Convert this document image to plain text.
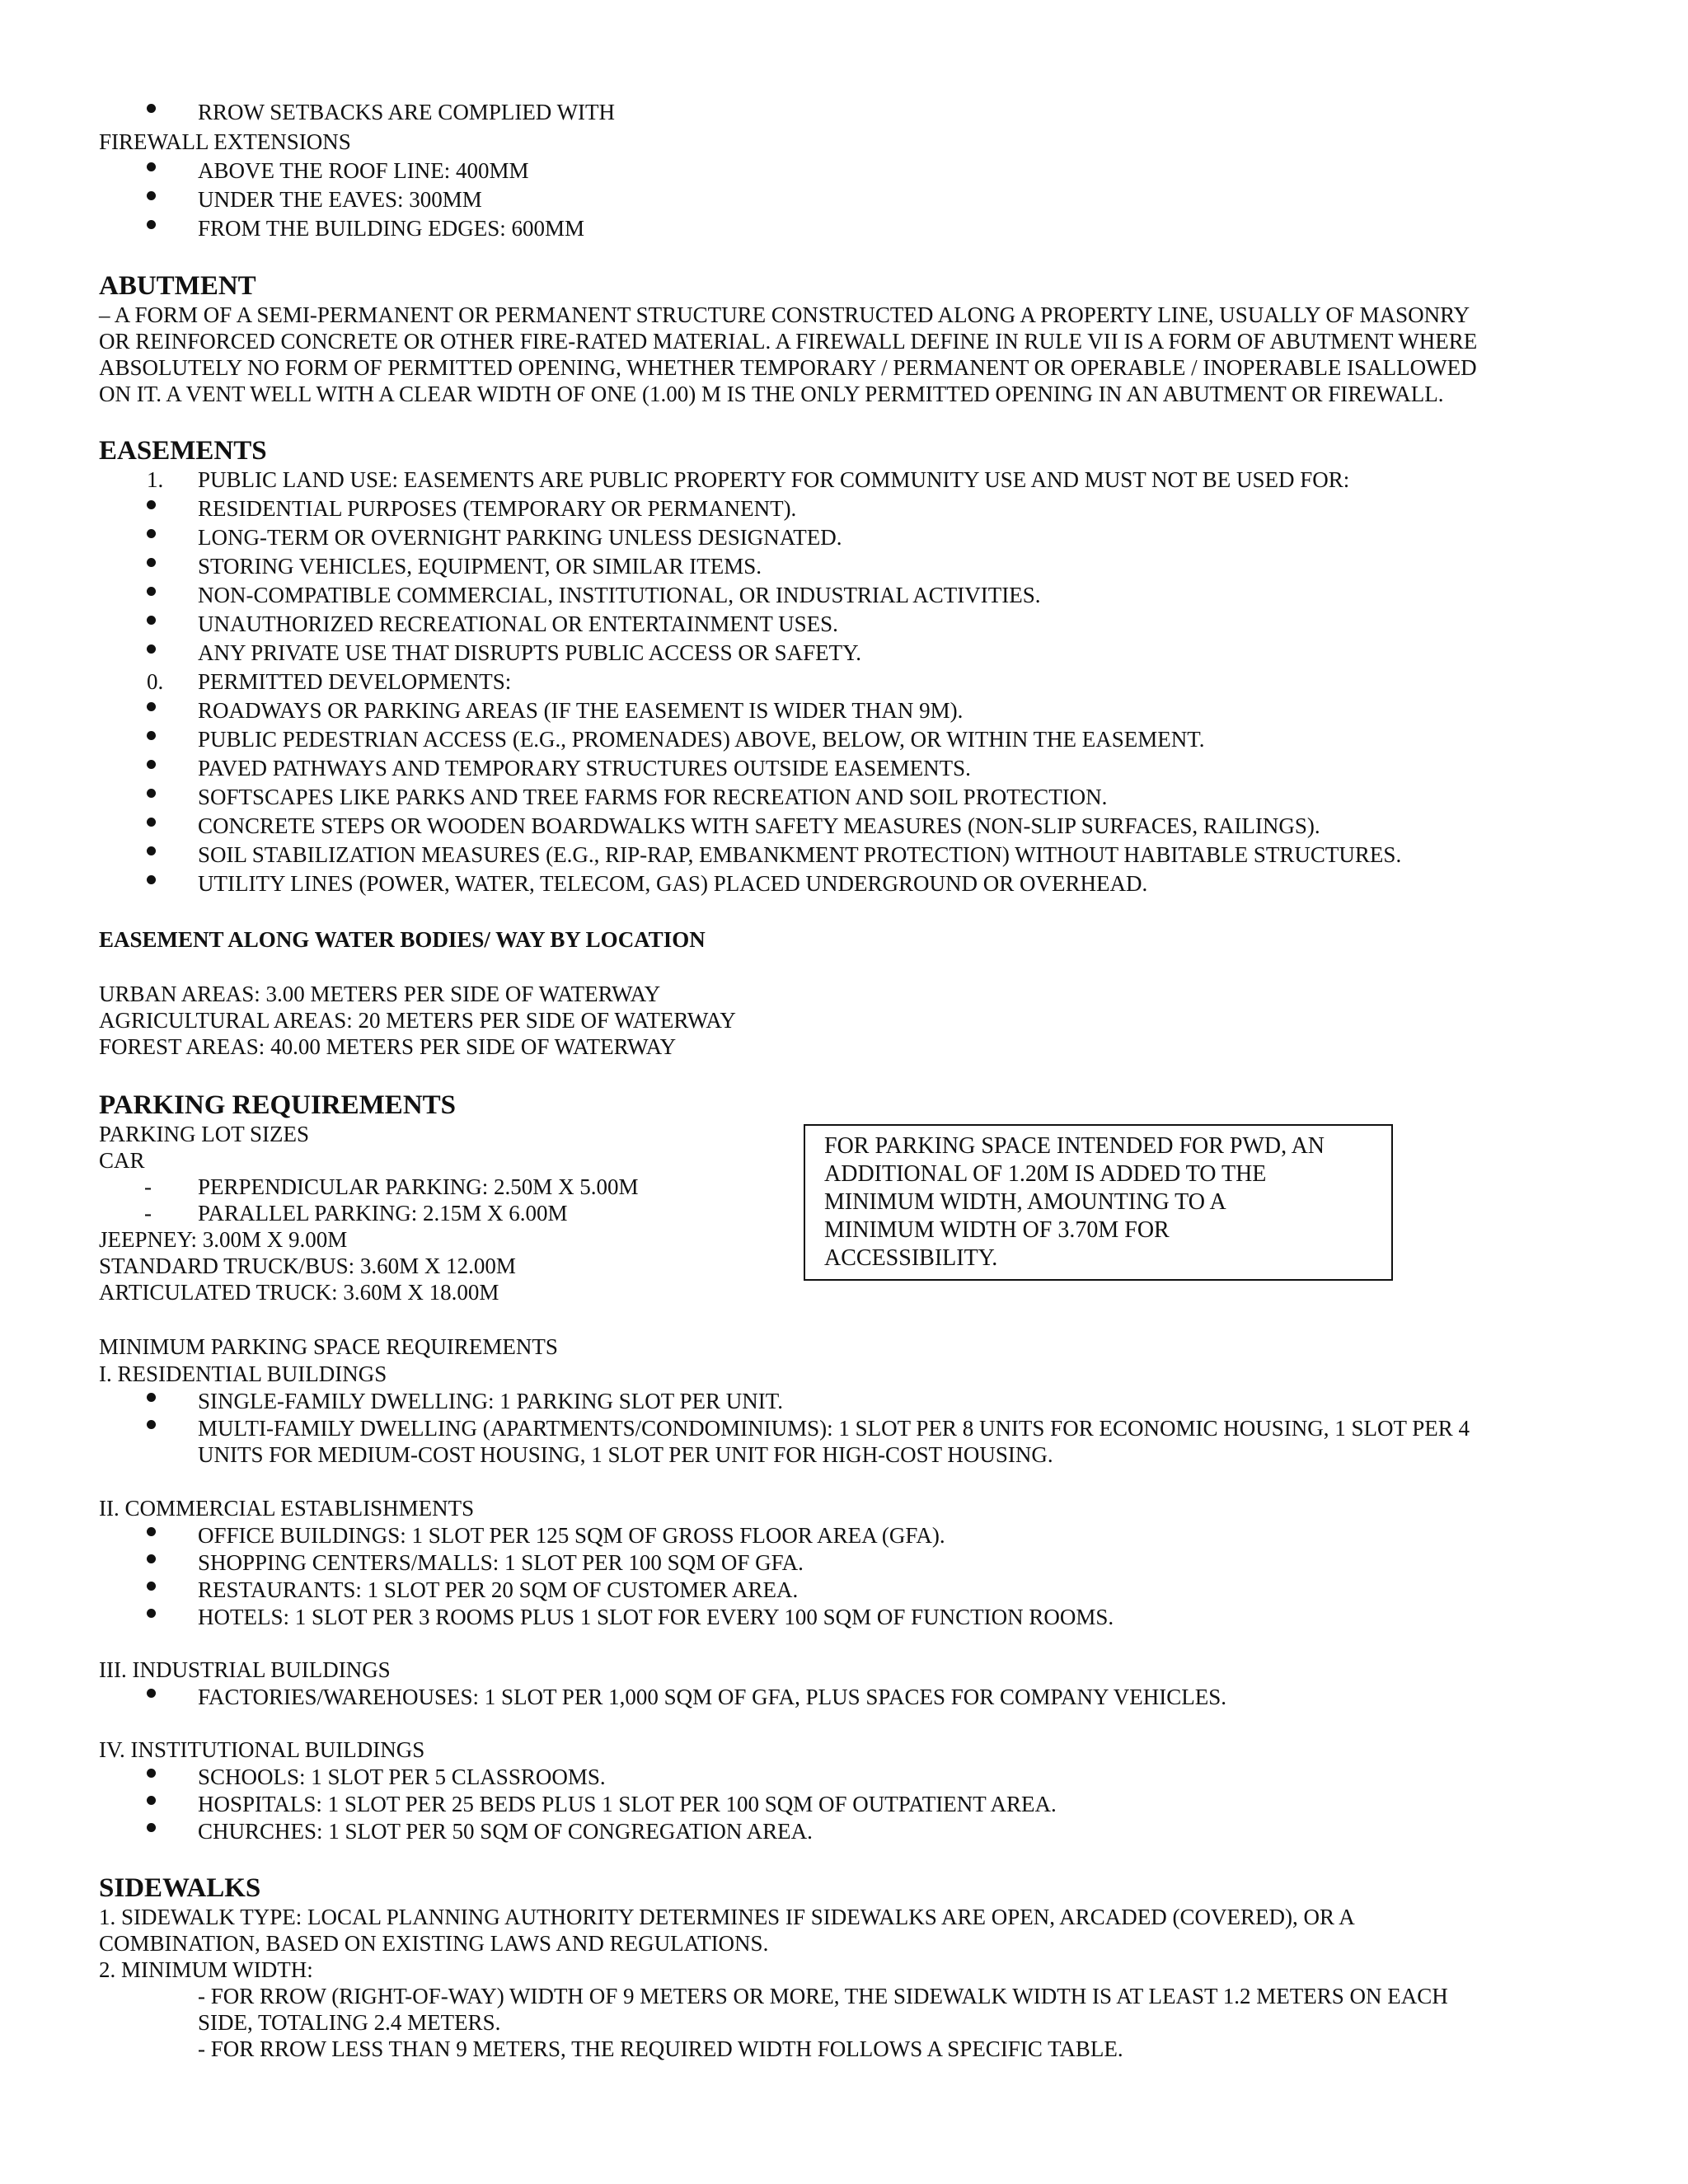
RROW SETBACKS ARE COMPLIED WITH
FIREWALL EXTENSIONS
ABOVE THE ROOF LINE: 400MM
UNDER THE EAVES: 300MM
FROM THE BUILDING EDGES: 600MM
ABUTMENT
– A FORM OF A SEMI-PERMANENT OR PERMANENT STRUCTURE CONSTRUCTED ALONG A PROPERTY LINE, USUALLY OF MASONRY
OR REINFORCED CONCRETE OR OTHER FIRE-RATED MATERIAL. A FIREWALL DEFINE IN RULE VII IS A FORM OF ABUTMENT WHERE
ABSOLUTELY NO FORM OF PERMITTED OPENING, WHETHER TEMPORARY / PERMANENT OR OPERABLE / INOPERABLE ISALLOWED
ON IT. A VENT WELL WITH A CLEAR WIDTH OF ONE (1.00) M IS THE ONLY PERMITTED OPENING IN AN ABUTMENT OR FIREWALL.
EASEMENTS
1. PUBLIC LAND USE: EASEMENTS ARE PUBLIC PROPERTY FOR COMMUNITY USE AND MUST NOT BE USED FOR:
RESIDENTIAL PURPOSES (TEMPORARY OR PERMANENT).
LONG-TERM OR OVERNIGHT PARKING UNLESS DESIGNATED.
STORING VEHICLES, EQUIPMENT, OR SIMILAR ITEMS.
NON-COMPATIBLE COMMERCIAL, INSTITUTIONAL, OR INDUSTRIAL ACTIVITIES.
UNAUTHORIZED RECREATIONAL OR ENTERTAINMENT USES.
ANY PRIVATE USE THAT DISRUPTS PUBLIC ACCESS OR SAFETY.
0. PERMITTED DEVELOPMENTS:
ROADWAYS OR PARKING AREAS (IF THE EASEMENT IS WIDER THAN 9M).
PUBLIC PEDESTRIAN ACCESS (E.G., PROMENADES) ABOVE, BELOW, OR WITHIN THE EASEMENT.
PAVED PATHWAYS AND TEMPORARY STRUCTURES OUTSIDE EASEMENTS.
SOFTSCAPES LIKE PARKS AND TREE FARMS FOR RECREATION AND SOIL PROTECTION.
CONCRETE STEPS OR WOODEN BOARDWALKS WITH SAFETY MEASURES (NON-SLIP SURFACES, RAILINGS).
SOIL STABILIZATION MEASURES (E.G., RIP-RAP, EMBANKMENT PROTECTION) WITHOUT HABITABLE STRUCTURES.
UTILITY LINES (POWER, WATER, TELECOM, GAS) PLACED UNDERGROUND OR OVERHEAD.
EASEMENT ALONG WATER BODIES/ WAY BY LOCATION
URBAN AREAS: 3.00 METERS PER SIDE OF WATERWAY
AGRICULTURAL AREAS: 20 METERS PER SIDE OF WATERWAY
FOREST AREAS: 40.00 METERS PER SIDE OF WATERWAY
PARKING REQUIREMENTS
PARKING LOT SIZES
CAR
- PERPENDICULAR PARKING: 2.50M X 5.00M
- PARALLEL PARKING: 2.15M X 6.00M
JEEPNEY: 3.00M X 9.00M
STANDARD TRUCK/BUS: 3.60M X 12.00M
ARTICULATED TRUCK: 3.60M X 18.00M
FOR PARKING SPACE INTENDED FOR PWD, AN
ADDITIONAL OF 1.20M IS ADDED TO THE
MINIMUM WIDTH, AMOUNTING TO A
MINIMUM WIDTH OF 3.70M FOR
ACCESSIBILITY.
MINIMUM PARKING SPACE REQUIREMENTS
I. RESIDENTIAL BUILDINGS
SINGLE-FAMILY DWELLING: 1 PARKING SLOT PER UNIT.
MULTI-FAMILY DWELLING (APARTMENTS/CONDOMINIUMS): 1 SLOT PER 8 UNITS FOR ECONOMIC HOUSING, 1 SLOT PER 4
UNITS FOR MEDIUM-COST HOUSING, 1 SLOT PER UNIT FOR HIGH-COST HOUSING.
II. COMMERCIAL ESTABLISHMENTS
OFFICE BUILDINGS: 1 SLOT PER 125 SQM OF GROSS FLOOR AREA (GFA).
SHOPPING CENTERS/MALLS: 1 SLOT PER 100 SQM OF GFA.
RESTAURANTS: 1 SLOT PER 20 SQM OF CUSTOMER AREA.
HOTELS: 1 SLOT PER 3 ROOMS PLUS 1 SLOT FOR EVERY 100 SQM OF FUNCTION ROOMS.
III. INDUSTRIAL BUILDINGS
FACTORIES/WAREHOUSES: 1 SLOT PER 1,000 SQM OF GFA, PLUS SPACES FOR COMPANY VEHICLES.
IV. INSTITUTIONAL BUILDINGS
SCHOOLS: 1 SLOT PER 5 CLASSROOMS.
HOSPITALS: 1 SLOT PER 25 BEDS PLUS 1 SLOT PER 100 SQM OF OUTPATIENT AREA.
CHURCHES: 1 SLOT PER 50 SQM OF CONGREGATION AREA.
SIDEWALKS
1. SIDEWALK TYPE: LOCAL PLANNING AUTHORITY DETERMINES IF SIDEWALKS ARE OPEN, ARCADED (COVERED), OR A
COMBINATION, BASED ON EXISTING LAWS AND REGULATIONS.
2. MINIMUM WIDTH:
- FOR RROW (RIGHT-OF-WAY) WIDTH OF 9 METERS OR MORE, THE SIDEWALK WIDTH IS AT LEAST 1.2 METERS ON EACH
SIDE, TOTALING 2.4 METERS.
- FOR RROW LESS THAN 9 METERS, THE REQUIRED WIDTH FOLLOWS A SPECIFIC TABLE.
